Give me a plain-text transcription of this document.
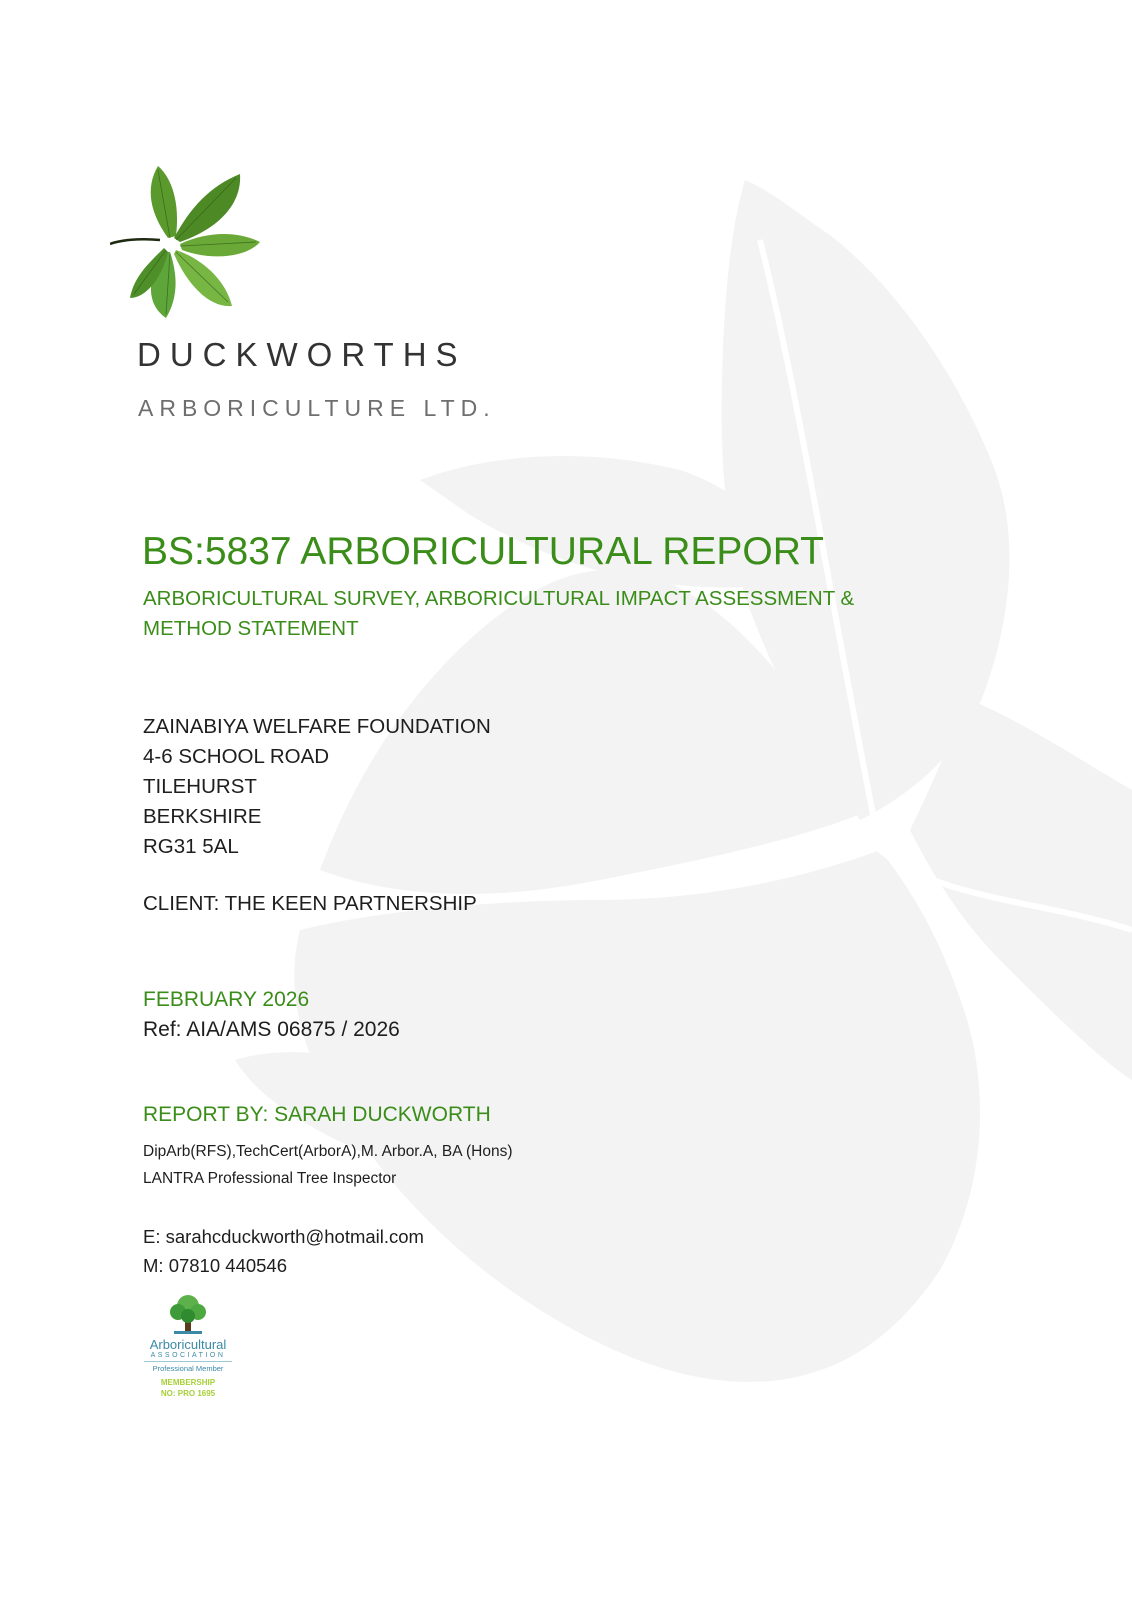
DUCKWORTHS
ARBORICULTURE LTD.
BS:5837 ARBORICULTURAL REPORT
ARBORICULTURAL SURVEY, ARBORICULTURAL IMPACT ASSESSMENT & METHOD STATEMENT
ZAINABIYA WELFARE FOUNDATION
4-6 SCHOOL ROAD
TILEHURST
BERKSHIRE
RG31 5AL
CLIENT: THE KEEN PARTNERSHIP
FEBRUARY 2026
Ref: AIA/AMS 06875 / 2026
REPORT BY: SARAH DUCKWORTH
DipArb(RFS),TechCert(ArborA),M. Arbor.A, BA (Hons)
LANTRA Professional Tree Inspector
E: sarahcduckworth@hotmail.com
M: 07810 440546
Arboricultural
ASSOCIATION
Professional Member
MEMBERSHIP
NO: PRO 1695
